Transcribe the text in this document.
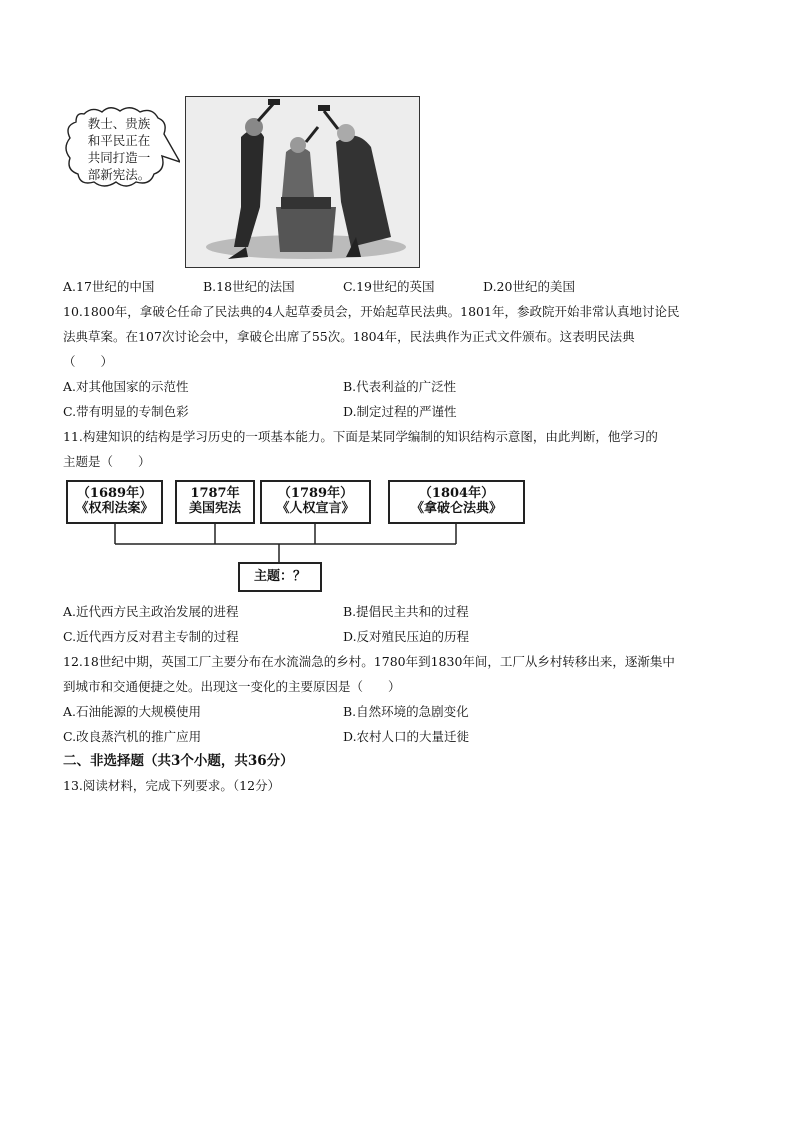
教士、贵族
和平民正在
共同打造一
部新宪法。
A.17世纪的中国	B.18世纪的法国	C.19世纪的英国	D.20世纪的美国
10.1800年，拿破仑任命了民法典的4人起草委员会，开始起草民法典。1801年，参政院开始非常认真地讨论民
法典草案。在107次讨论会中，拿破仑出席了55次。1804年，民法典作为正式文件颁布。这表明民法典
（　　）
A.对其他国家的示范性	B.代表利益的广泛性
C.带有明显的专制色彩	D.制定过程的严谨性
11.构建知识的结构是学习历史的一项基本能力。下面是某同学编制的知识结构示意图，由此判断，他学习的
主题是（　　）
（1689年）
《权利法案》
1787年
美国宪法
（1789年）
《人权宣言》
（1804年）
《拿破仑法典》
主题：？
A.近代西方民主政治发展的进程	B.提倡民主共和的过程
C.近代西方反对君主专制的过程	D.反对殖民压迫的历程
12.18世纪中期，英国工厂主要分布在水流湍急的乡村。1780年到1830年间，工厂从乡村转移出来，逐渐集中
到城市和交通便捷之处。出现这一变化的主要原因是（　　）
A.石油能源的大规模使用	B.自然环境的急剧变化
C.改良蒸汽机的推广应用	D.农村人口的大量迁徙
二、非选择题（共3个小题，共36分）
13.阅读材料，完成下列要求。（12分）
